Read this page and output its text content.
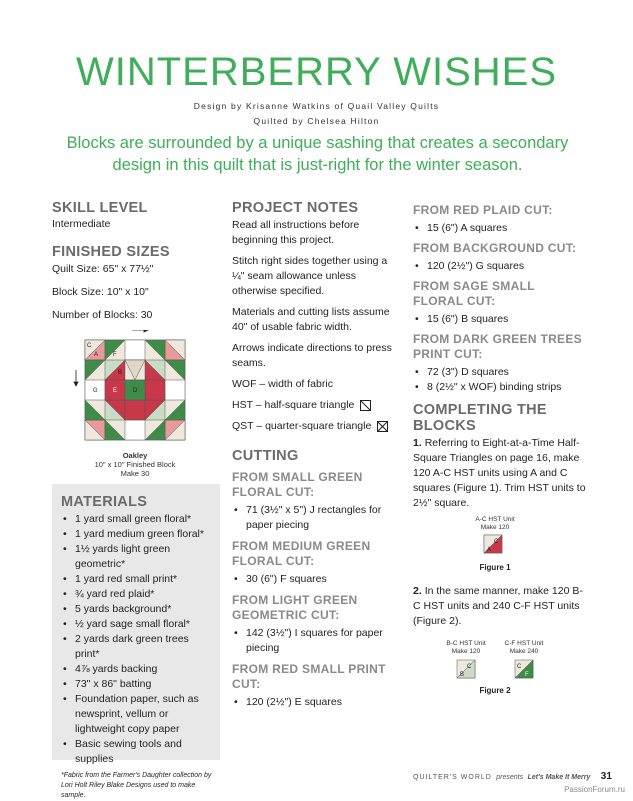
WINTERBERRY WISHES
Design by Krisanne Watkins of Quail Valley Quilts
Quilted by Chelsea Hilton
Blocks are surrounded by a unique sashing that creates a secondary design in this quilt that is just-right for the winter season.
SKILL LEVEL
Intermediate
FINISHED SIZES
Quilt Size: 65" x 77½"
Block Size: 10" x 10"
Number of Blocks: 30
C
A F
B
G	E	D
Oakley
10" x 10" Finished Block
Make 30
MATERIALS
• 1 yard small green floral*
• 1 yard medium green floral*
• 1½ yards light green geometric*
• 1 yard red small print*
• ¾ yard red plaid*
• 5 yards background*
• ½ yard sage small floral*
• 2 yards dark green trees print*
• 4⅞ yards backing
• 73" x 86" batting
• Foundation paper, such as newsprint, vellum or lightweight copy paper
• Basic sewing tools and supplies
*Fabric from the Farmer's Daughter collection by Lori Holt Riley Blake Designs used to make sample.
PROJECT NOTES

Read all instructions before beginning this project.

Stitch right sides together using a ¼" seam allowance unless otherwise specified.

Materials and cutting lists assume 40" of usable fabric width.

Arrows indicate directions to press seams.

WOF – width of fabric

HST – half-square triangle

QST – quarter-square triangle

CUTTING
FROM SMALL GREEN FLORAL CUT:
• 71 (3½" x 5") J rectangles for paper piecing
FROM MEDIUM GREEN FLORAL CUT:
• 30 (6") F squares
FROM LIGHT GREEN GEOMETRIC CUT:
• 142 (3½") I squares for paper piecing
FROM RED SMALL PRINT CUT:
• 120 (2½") E squares
FROM RED PLAID CUT:
• 15 (6") A squares
FROM BACKGROUND CUT:
• 120 (2½") G squares
FROM SAGE SMALL FLORAL CUT:
• 15 (6") B squares
FROM DARK GREEN TREES PRINT CUT:
• 72 (3") D squares
• 8 (2½" x WOF) binding strips
COMPLETING THE BLOCKS

1. Referring to Eight-at-a-Time Half-Square Triangles on page 16, make 120 A-C HST units using A and C squares (Figure 1). Trim HST units to 2½" square.

A-C HST Unit
Make 120
C
A
Figure 1

2. In the same manner, make 120 B-C HST units and 240 C-F HST units (Figure 2).

B-C HST Unit
Make 120
C
B
C-F HST Unit
Make 240
C
F
Figure 2
QUILTER'S WORLD presents Let's Make It Merry 31
PassionForum.ru
